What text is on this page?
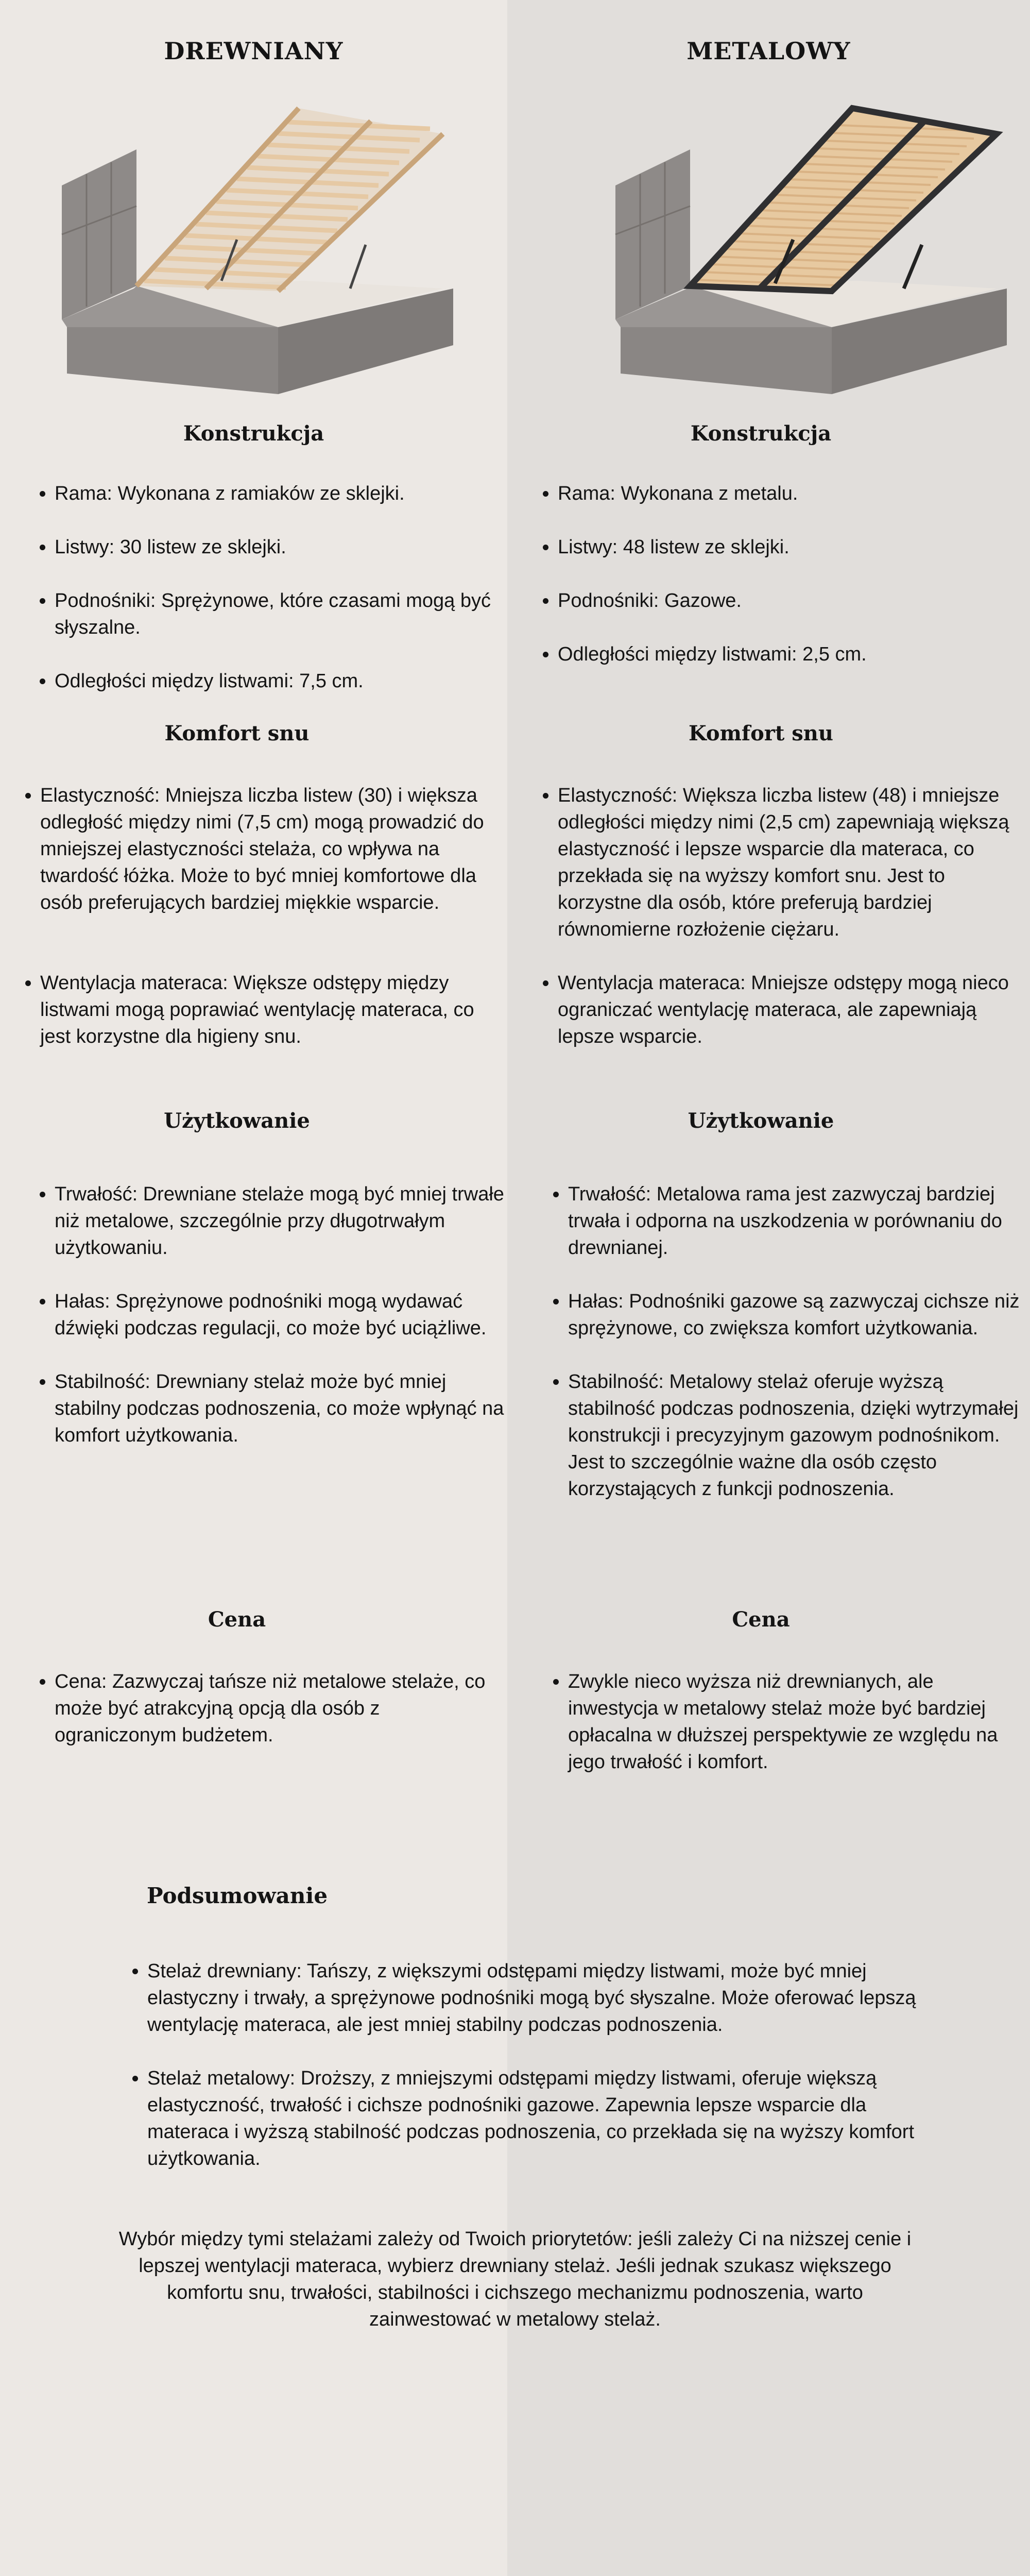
DREWNIANY
Konstrukcja
• Rama: Wykonana z ramiaków ze sklejki.
• Listwy: 30 listew ze sklejki.
• Podnośniki: Sprężynowe, które czasami mogą być słyszalne.
• Odległości między listwami: 7,5 cm.
Komfort snu
• Elastyczność: Mniejsza liczba listew (30) i większa odległość między nimi (7,5 cm) mogą prowadzić do mniejszej elastyczności stelaża, co wpływa na twardość łóżka. Może to być mniej komfortowe dla osób preferujących bardziej miękkie wsparcie.
• Wentylacja materaca: Większe odstępy między listwami mogą poprawiać wentylację materaca, co jest korzystne dla higieny snu.
Użytkowanie
• Trwałość: Drewniane stelaże mogą być mniej trwałe niż metalowe, szczególnie przy długotrwałym użytkowaniu.
• Hałas: Sprężynowe podnośniki mogą wydawać dźwięki podczas regulacji, co może być uciążliwe.
• Stabilność: Drewniany stelaż może być mniej stabilny podczas podnoszenia, co może wpłynąć na komfort użytkowania.
Cena
• Cena: Zazwyczaj tańsze niż metalowe stelaże, co może być atrakcyjną opcją dla osób z ograniczonym budżetem.
METALOWY
Konstrukcja
• Rama: Wykonana z metalu.
• Listwy: 48 listew ze sklejki.
• Podnośniki: Gazowe.
• Odległości między listwami: 2,5 cm.
Komfort snu
• Elastyczność: Większa liczba listew (48) i mniejsze odległości między nimi (2,5 cm) zapewniają większą elastyczność i lepsze wsparcie dla materaca, co przekłada się na wyższy komfort snu. Jest to korzystne dla osób, które preferują bardziej równomierne rozłożenie ciężaru.
• Wentylacja materaca: Mniejsze odstępy mogą nieco ograniczać wentylację materaca, ale zapewniają lepsze wsparcie.
Użytkowanie
• Trwałość: Metalowa rama jest zazwyczaj bardziej trwała i odporna na uszkodzenia w porównaniu do drewnianej.
• Hałas: Podnośniki gazowe są zazwyczaj cichsze niż sprężynowe, co zwiększa komfort użytkowania.
• Stabilność: Metalowy stelaż oferuje wyższą stabilność podczas podnoszenia, dzięki wytrzymałej konstrukcji i precyzyjnym gazowym podnośnikom. Jest to szczególnie ważne dla osób często korzystających z funkcji podnoszenia.
Cena
• Zwykle nieco wyższa niż drewnianych, ale inwestycja w metalowy stelaż może być bardziej opłacalna w dłuższej perspektywie ze względu na jego trwałość i komfort.
Podsumowanie
• Stelaż drewniany: Tańszy, z większymi odstępami między listwami, może być mniej elastyczny i trwały, a sprężynowe podnośniki mogą być słyszalne. Może oferować lepszą wentylację materaca, ale jest mniej stabilny podczas podnoszenia.
• Stelaż metalowy: Droższy, z mniejszymi odstępami między listwami, oferuje większą elastyczność, trwałość i cichsze podnośniki gazowe. Zapewnia lepsze wsparcie dla materaca i wyższą stabilność podczas podnoszenia, co przekłada się na wyższy komfort użytkowania.

Wybór między tymi stelażami zależy od Twoich priorytetów: jeśli zależy Ci na niższej cenie i lepszej wentylacji materaca, wybierz drewniany stelaż. Jeśli jednak szukasz większego komfortu snu, trwałości, stabilności i cichszego mechanizmu podnoszenia, warto zainwestować w metalowy stelaż.
